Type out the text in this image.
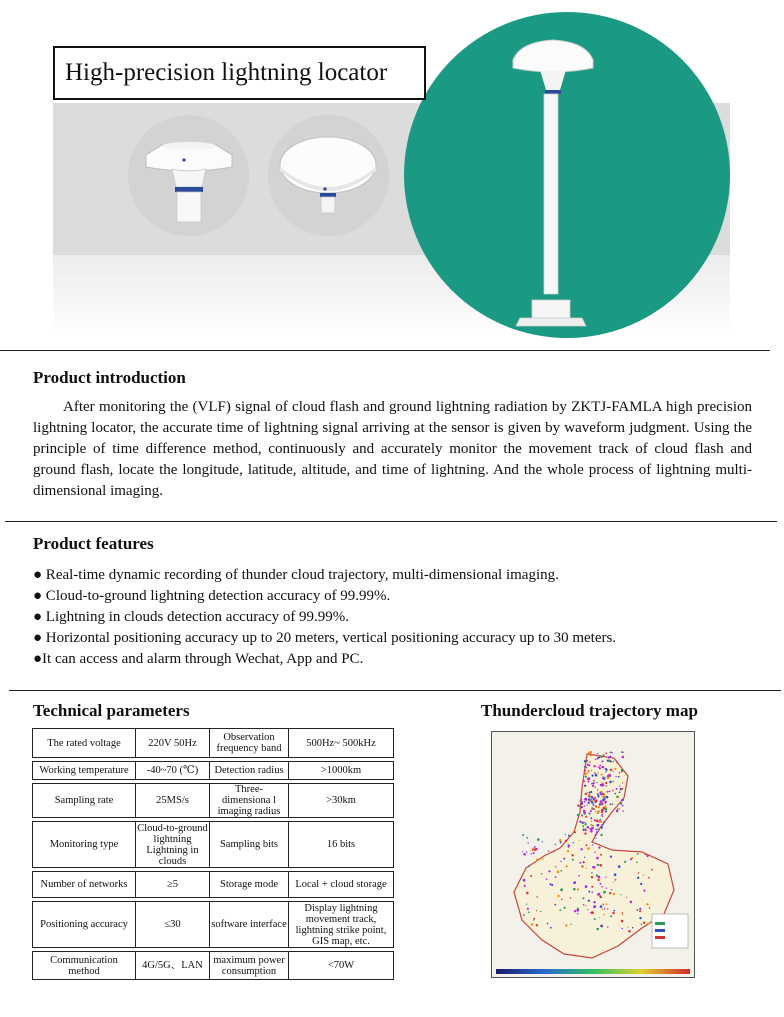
High-precision lightning locator
Product introduction

After monitoring the (VLF) signal of cloud flash and ground lightning radiation by ZKTJ-FAMLA high precision lightning locator, the accurate time of lightning signal arriving at the sensor is given by waveform judgment. Using the principle of time difference method, continuously and accurately monitor the movement track of cloud flash and ground flash, locate the longitude, latitude, altitude, and time of lightning. And the whole process of lightning multi-dimensional imaging.

Product features
● Real-time dynamic recording of thunder cloud trajectory, multi-dimensional imaging.
● Cloud-to-ground lightning detection accuracy of 99.99%.
● Lightning in clouds detection accuracy of 99.99%.
● Horizontal positioning accuracy up to 20 meters, vertical positioning accuracy up to 30 meters.
●It can access and alarm through Wechat, App and PC.
Technical parameters	Thundercloud trajectory map
The rated voltage	220V 50Hz	Observation frequency band	500Hz~ 500kHz

Working temperature	-40~70 (℃)	Detection radius	>1000km

Sampling rate	25MS/s	Three-dimensiona l imaging radius	>30km

Monitoring type	Cloud-to-ground lightning Lightning in clouds	Sampling bits	16 bits

Number of networks	≥5	Storage mode	Local + cloud storage

Positioning accuracy	≤30	software interface	Display lightning movement track, lightning strike point, GIS map, etc.

Communication method	4G/5G、LAN	maximum power consumption	<70W
